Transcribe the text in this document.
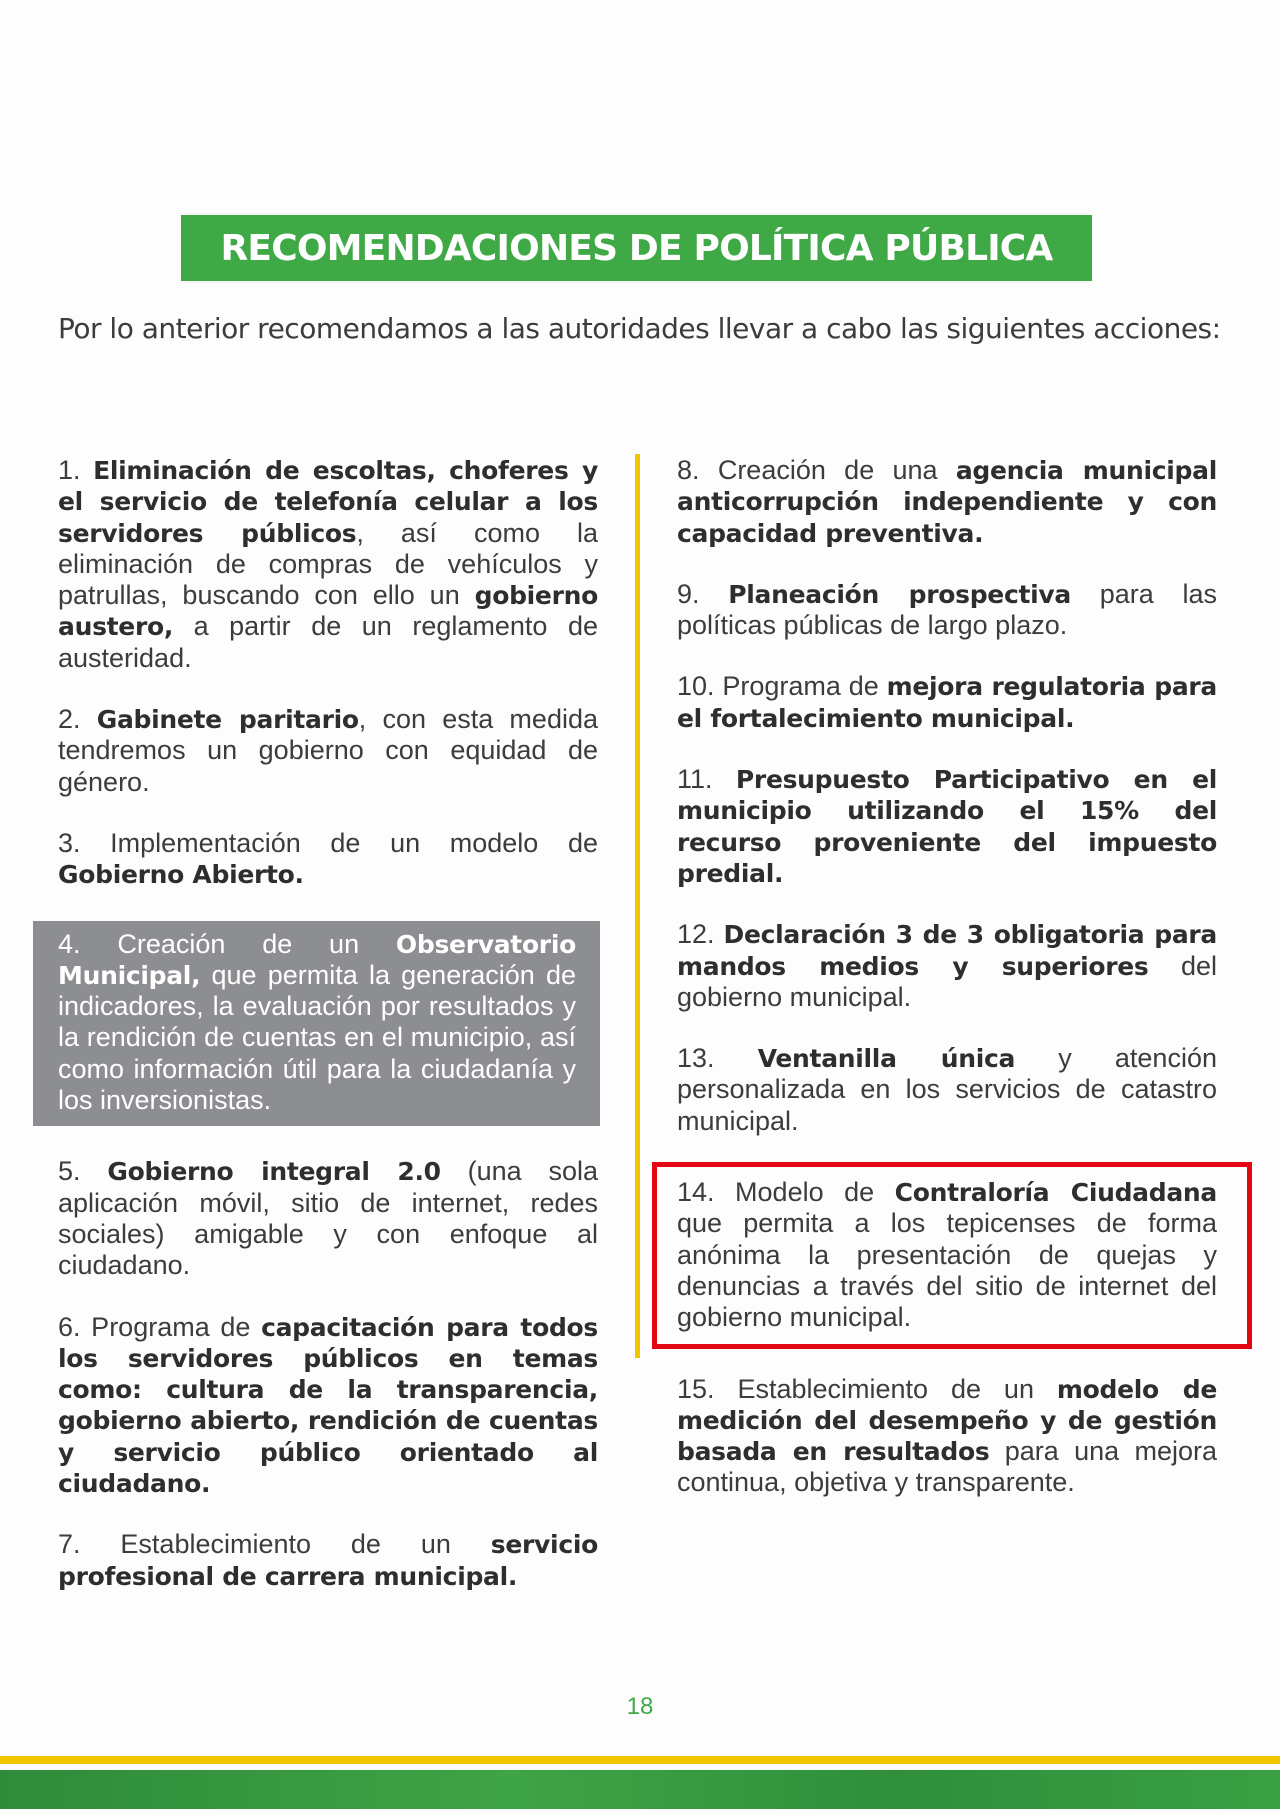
RECOMENDACIONES DE POLÍTICA PÚBLICA
Por lo anterior recomendamos a las autoridades llevar a cabo las siguientes acciones:

1. Eliminación de escoltas, choferes y el servicio de telefonía celular a los servidores públicos, así como la eliminación de compras de vehículos y patrullas, buscando con ello un gobierno austero, a partir de un reglamento de austeridad.

2. Gabinete paritario, con esta medida tendremos un gobierno con equidad de género.

3. Implementación de un modelo de Gobierno Abierto.

4. Creación de un Observatorio Municipal, que permita la generación de indicadores, la evaluación por resultados y la rendición de cuentas en el municipio, así como información útil para la ciudadanía y los inversionistas.

5. Gobierno integral 2.0 (una sola aplicación móvil, sitio de internet, redes sociales) amigable y con enfoque al ciudadano.

6. Programa de capacitación para todos los servidores públicos en temas como: cultura de la transparencia, gobierno abierto, rendición de cuentas y servicio público orientado al ciudadano.

7. Establecimiento de un servicio profesional de carrera municipal.

8. Creación de una agencia municipal anticorrupción independiente y con capacidad preventiva.

9. Planeación prospectiva para las políticas públicas de largo plazo.

10. Programa de mejora regulatoria para el fortalecimiento municipal.

11. Presupuesto Participativo en el municipio utilizando el 15% del recurso proveniente del impuesto predial.

12. Declaración 3 de 3 obligatoria para mandos medios y superiores del gobierno municipal.

13. Ventanilla única y atención personalizada en los servicios de catastro municipal.

14. Modelo de Contraloría Ciudadana que permita a los tepicenses de forma anónima la presentación de quejas y denuncias a través del sitio de internet del gobierno municipal.

15. Establecimiento de un modelo de medición del desempeño y de gestión basada en resultados para una mejora continua, objetiva y transparente.

18
